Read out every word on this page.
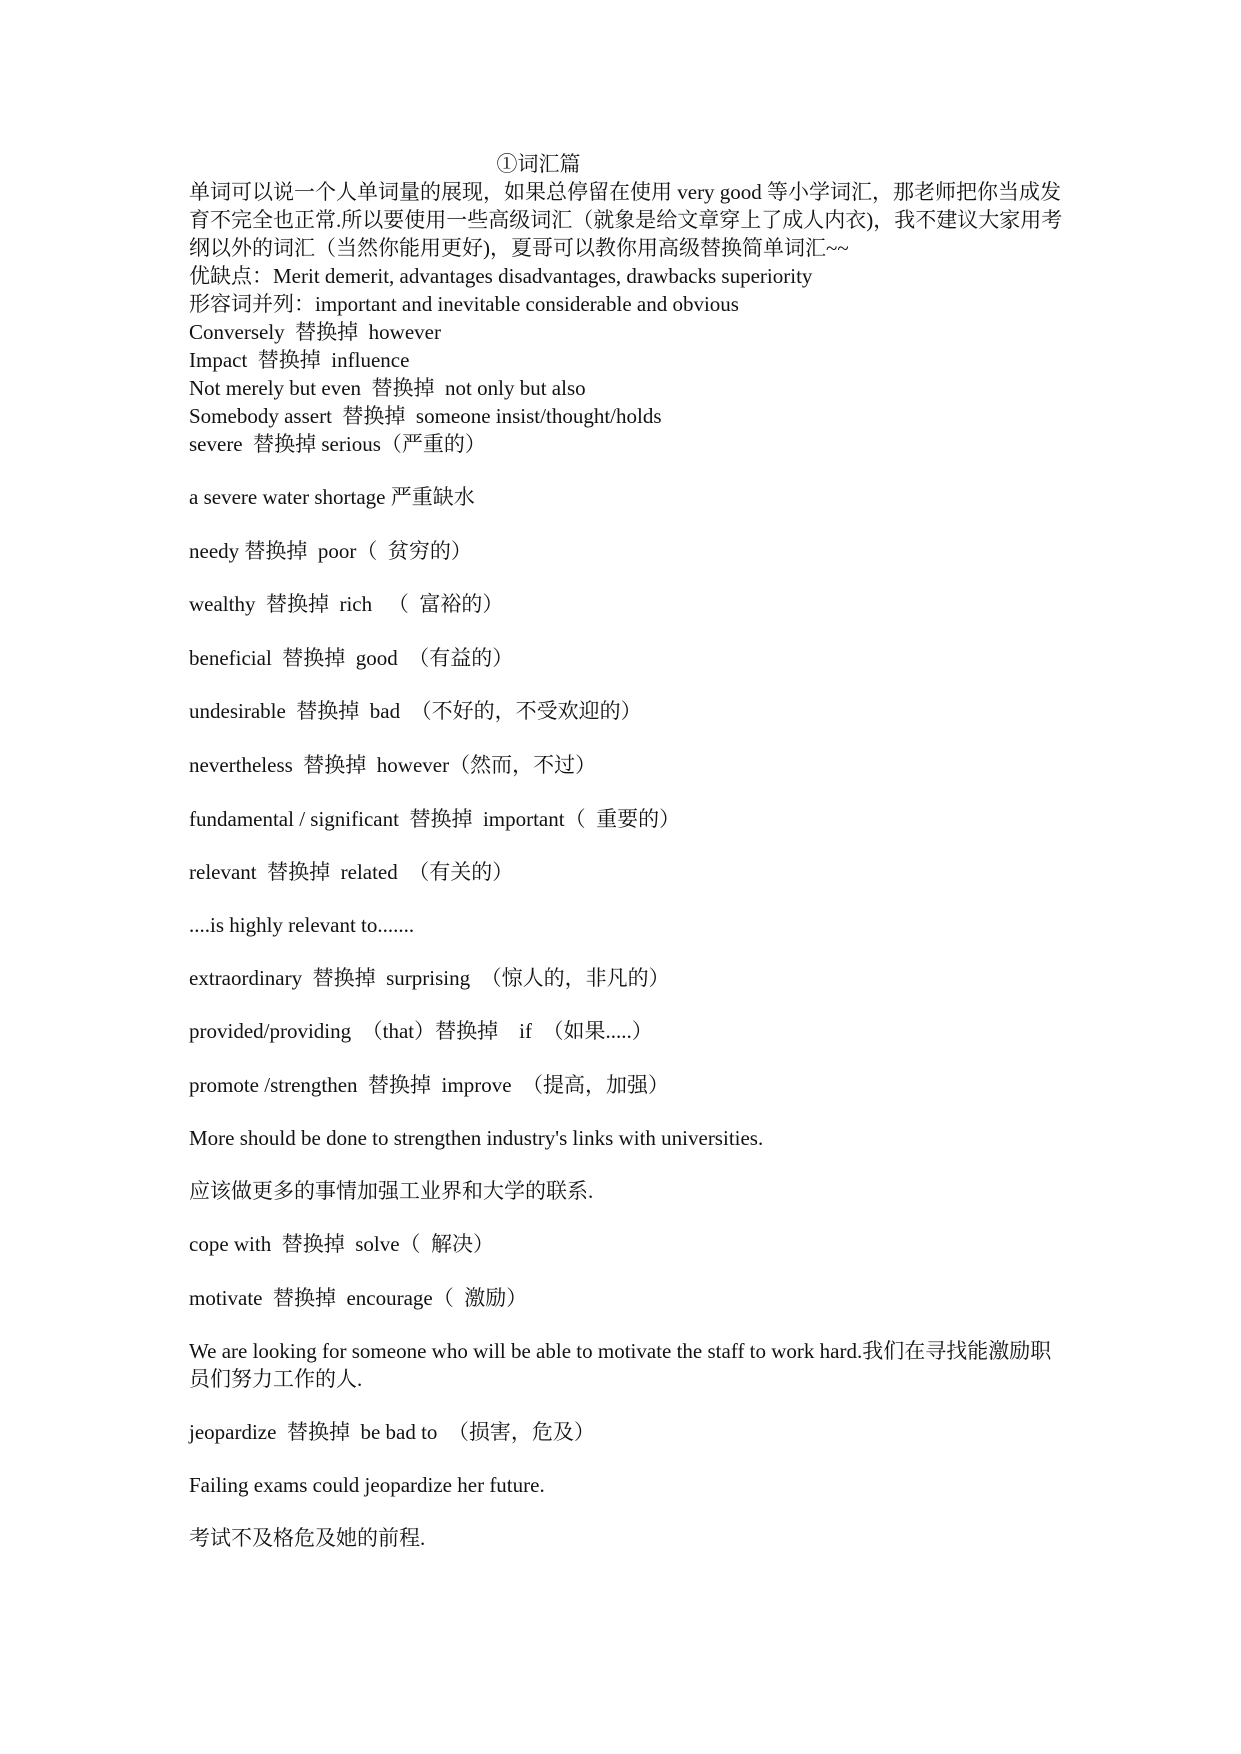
①词汇篇

单词可以说一个人单词量的展现，如果总停留在使用 very good 等小学词汇，那老师把你当成发育不完全也正常.所以要使用一些高级词汇（就象是给文章穿上了成人内衣)，我不建议大家用考纲以外的词汇（当然你能用更好)，夏哥可以教你用高级替换简单词汇~~

优缺点：Merit demerit, advantages disadvantages, drawbacks superiority

形容词并列：important and inevitable considerable and obvious

Conversely  替换掉  however

Impact  替换掉  influence

Not merely but even  替换掉  not only but also

Somebody assert  替换掉  someone insist/thought/holds

severe  替换掉 serious（严重的）

a severe water shortage 严重缺水

needy 替换掉  poor（  贫穷的）

wealthy  替换掉  rich   （  富裕的）

beneficial  替换掉  good  （有益的）

undesirable  替换掉  bad  （不好的，不受欢迎的）

nevertheless  替换掉  however（然而，不过）

fundamental / significant  替换掉  important（  重要的）

relevant  替换掉  related  （有关的）

....is highly relevant to.......

extraordinary  替换掉  surprising  （惊人的，非凡的）

provided/providing  （that）替换掉    if  （如果.....）

promote /strengthen  替换掉  improve  （提高，加强）

More should be done to strengthen industry's links with universities.

应该做更多的事情加强工业界和大学的联系.

cope with  替换掉  solve（  解决）

motivate  替换掉  encourage（  激励）

We are looking for someone who will be able to motivate the staff to work hard.我们在寻找能激励职员们努力工作的人.

jeopardize  替换掉  be bad to  （损害，危及）

Failing exams could jeopardize her future.

考试不及格危及她的前程.
